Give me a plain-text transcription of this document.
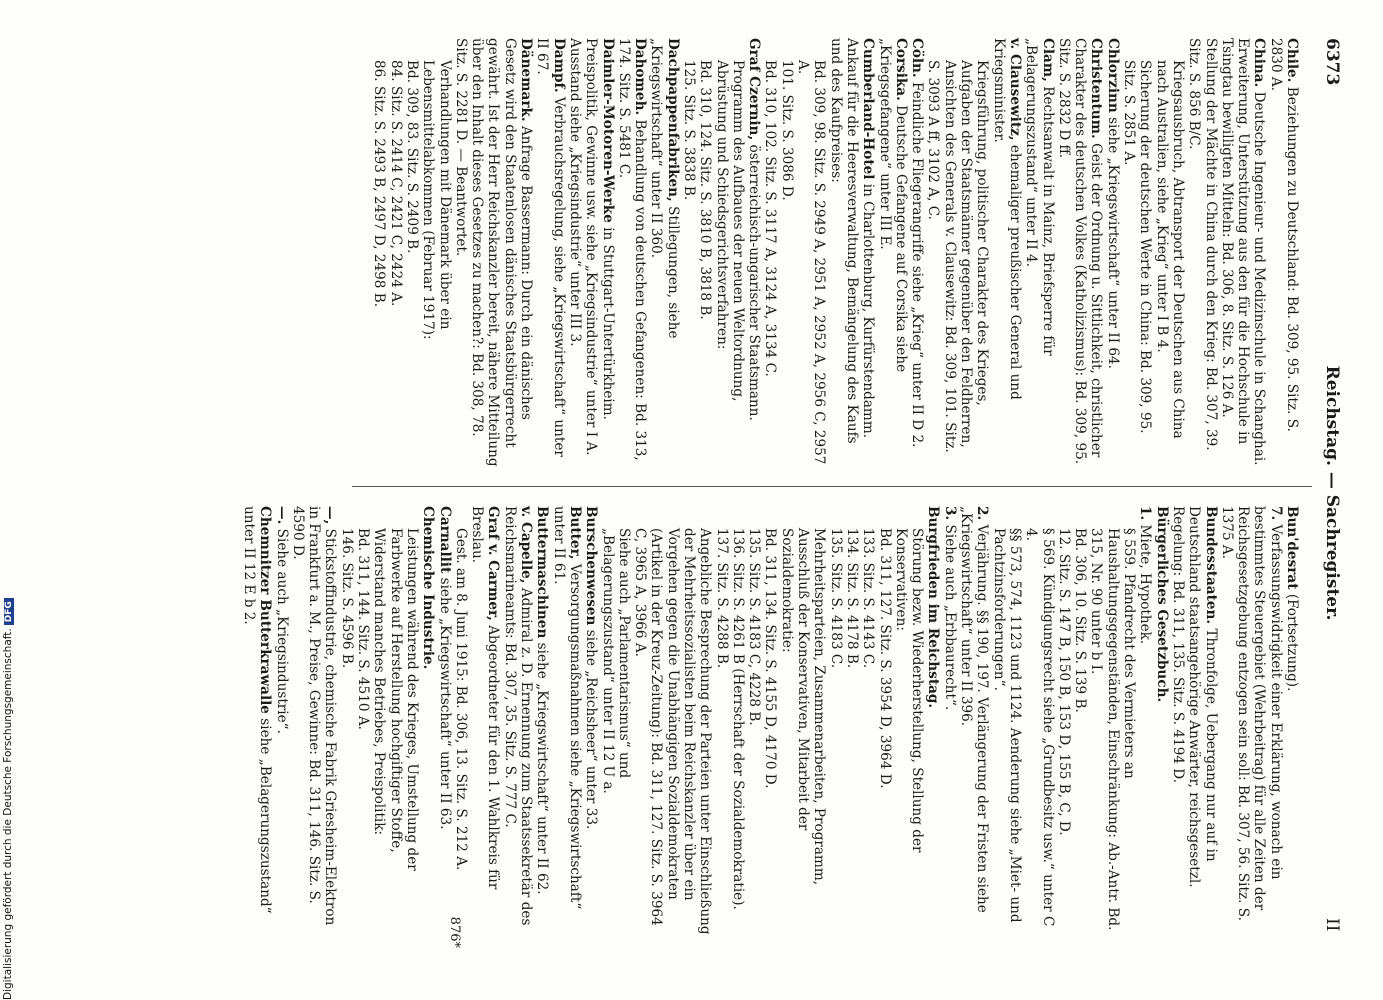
6373
Reichstag. — Sachregister.
II
Chile. Beziehungen zu Deutschland: Bd. 309, 95. Sitz. S. 2830 A.
China. Deutsche Ingenieur- und Medizinschule in Schanghai. Erweiterung, Unterstützung aus den für die Hochschule in Tsingtau bewilligten Mitteln: Bd. 306, 8. Sitz. S. 126 A. Stellung der Mächte in China durch den Krieg: Bd. 307, 39. Sitz. S. 856 B/C.
Kriegsausbruch, Abtransport der Deutschen aus China nach Australien, siehe „Krieg“ unter I B 4.
Sicherung der deutschen Werte in China: Bd. 309, 95. Sitz. S. 2851 A.
Chlorzinn siehe „Kriegswirtschaft“ unter II 64.
Christentum. Geist der Ordnung u. Sittlichkeit, christlicher Charakter des deutschen Volkes (Katholizismus): Bd. 309, 95. Sitz. S. 2832 D ff.
Clam, Rechtsanwalt in Mainz, Briefsperre für „Belagerungszustand“ unter II 4.
v. Clausewitz, ehemaliger preußischer General und Kriegsminister.
Kriegsführung, politischer Charakter des Krieges, Aufgaben der Staatsmänner gegenüber den Feldherren, Ansichten des Generals v. Clausewitz: Bd. 309, 101. Sitz. S. 3093 A ff, 3102 A, C.
Cöln. Feindliche Fliegerangriffe siehe „Krieg“ unter II D 2.
Corsika. Deutsche Gefangene auf Corsika siehe „Kriegsgefangene“ unter III E.
Cumberland-Hotel in Charlottenburg, Kurfürstendamm. Ankauf für die Heeresverwaltung, Bemängelung des Kaufs und des Kaufpreises:
Bd. 309, 98. Sitz. S. 2949 A, 2951 A, 2952 A, 2956 C, 2957 A.
101. Sitz. S. 3086 D.
Bd. 310, 102. Sitz. S. 3117 A, 3124 A, 3134 C.
Graf Czernin, österreichisch-ungarischer Staatsmann.
Programm des Aufbaues der neuen Weltordnung, Abrüstung und Schiedsgerichtsverfahren:
Bd. 310, 124. Sitz. S. 3810 B, 3818 B.
125. Sitz. S. 3838 B.
Dachpappenfabriken, Stillegungen, siehe „Kriegswirtschaft“ unter II 360.
Dahomeh. Behandlung von deutschen Gefangenen: Bd. 313, 174. Sitz. S. 5481 C.
Daimler-Motoren-Werke in Stuttgart-Untertürkheim. Preispolitik, Gewinne usw. siehe „Kriegsindustrie“ unter I A. Ausstand siehe „Kriegsindustrie“ unter III 3.
Dampf. Verbrauchsregelung, siehe „Kriegswirtschaft“ unter II 67.
Dänemark. Anfrage Bassermann: Durch ein dänisches Gesetz wird den Staatenlosen dänisches Staatsbürgerrecht gewährt. Ist der Herr Reichskanzler bereit, nähere Mitteilung über den Inhalt dieses Gesetzes zu machen?: Bd. 308, 78. Sitz. S. 2281 D. — Beantwortet.
Verhandlungen mit Dänemark über ein Lebensmittelabkommen (Februar 1917):
Bd. 309, 83. Sitz. S. 2409 B.
84. Sitz. S. 2414 C, 2421 C, 2424 A.
86. Sitz. S. 2493 B, 2497 D, 2498 B.
Bun'desrat (Fortsetzung).
7. Verfassungswidrigkeit einer Erklärung, wonach ein bestimmtes Steuergebiet (Wehrbeitrag) für alle Zeiten der Reichsgesetzgebung entzogen sein soll: Bd. 307, 56. Sitz. S. 1375 A.
Bundesstaaten. Thronfolge, Uebergang nur auf in Deutschland staatsangehörige Anwärter, reichsgesetzl. Regelung: Bd. 311, 135. Sitz. S. 4194 D.
Bürgerliches Gesetzbuch.
1. Miete, Hypothek.
§ 559. Pfandrecht des Vermieters an Haushaltungsgegenständen, Einschränkung: Ab.-Antr. Bd. 315, Nr. 90 unter b I.
Bd. 306, 10. Sitz. S. 139 B.
12. Sitz. S. 147 B, 150 B, 153 D, 155 B, C, D.
§ 569. Kündigungsrecht siehe „Grundbesitz usw.“ unter C 4.
§§ 573, 574, 1123 und 1124. Aenderung siehe „Miet- und Pachtzinsforderungen“.
2. Verjährung. §§ 190, 197. Verlängerung der Fristen siehe „Kriegswirtschaft“ unter II 396.
3. Siehe auch „Erbbaurecht“.
Burgfrieden im Reichstag.
Störung bezw. Wiederherstellung, Stellung der Konservativen:
Bd. 311, 127. Sitz. S. 3954 D, 3964 D.
133. Sitz. S. 4143 C.
134. Sitz. S. 4178 B.
135. Sitz. S. 4183 C.
Mehrheitsparteien, Zusammenarbeiten, Programm, Ausschluß der Konservativen, Mitarbeit der Sozialdemokratie:
Bd. 311, 134. Sitz. S. 4155 D, 4170 D.
135. Sitz. S. 4183 C, 4228 B.
136. Sitz. S. 4261 B (Herrschaft der Sozialdemokratie).
137. Sitz. S. 4288 B.
Angebliche Besprechung der Parteien unter Einschließung der Mehrheitssozialisten beim Reichskanzler über ein Vorgehen gegen die Unabhängigen Sozialdemokraten (Artikel in der Kreuz-Zeitung): Bd. 311, 127. Sitz. S. 3964 C, 3965 A, 3966 A.
Siehe auch „Parlamentarismus“ und „Belagerungszustand“ unter II 12 U a.
Burschenwesen siehe „Reichsheer“ unter 33.
Butter, Versorgungsmaßnahmen siehe „Kriegswirtschaft“ unter II 61.
Buttermaschinen siehe „Kriegswirtschaft“ unter II 62.
v. Capelle, Admiral z. D. Ernennung zum Staatssekretär des Reichsmarineamts: Bd. 307, 35. Sitz. S. 777 C.
Graf v. Carmer, Abgeordneter für den 1. Wahlkreis für Breslau.
Gest. am 8. Juni 1915: Bd. 306, 13. Sitz. S. 212 A.
Carnallit siehe „Kriegswirtschaft“ unter II 63.
Chemische Industrie.
Leistungen während des Krieges, Umstellung der Farbwerke auf Herstellung hochgiftiger Stoffe, Widerstand manches Betriebes, Preispolitik:
Bd. 311, 144. Sitz. S. 4510 A.
146. Sitz. S. 4596 B.
—, Stickstoffindustrie, chemische Fabrik Griesheim-Elektron in Frankfurt a. M., Preise, Gewinne: Bd. 311, 146. Sitz. S. 4590 D.
—. Siehe auch „Kriegsindustrie“.
Chemnitzer Butterkrawalle siehe „Belagerungszustand“ unter II 12 E b 2.
876*
Digitalisierung gefördert durch die Deutsche Forschungsgemeinschaft.DFG
